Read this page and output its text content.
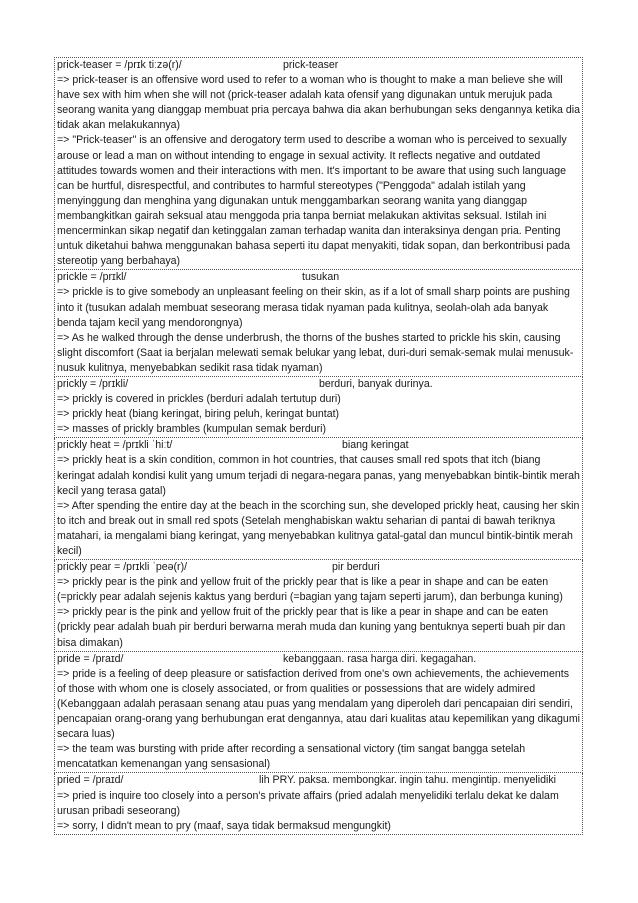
prick-teaser = /prɪk tiːzə(r)/	prick-teaser
=> prick-teaser is an offensive word used to refer to a woman who is thought to make a man believe she will have sex with him when she will not (prick-teaser adalah kata ofensif yang digunakan untuk merujuk pada seorang wanita yang dianggap membuat pria percaya bahwa dia akan berhubungan seks dengannya ketika dia tidak akan melakukannya)
=> "Prick-teaser" is an offensive and derogatory term used to describe a woman who is perceived to sexually arouse or lead a man on without intending to engage in sexual activity. It reflects negative and outdated attitudes towards women and their interactions with men. It's important to be aware that using such language can be hurtful, disrespectful, and contributes to harmful stereotypes ("Penggoda" adalah istilah yang menyinggung dan menghina yang digunakan untuk menggambarkan seorang wanita yang dianggap membangkitkan gairah seksual atau menggoda pria tanpa berniat melakukan aktivitas seksual. Istilah ini mencerminkan sikap negatif dan ketinggalan zaman terhadap wanita dan interaksinya dengan pria. Penting untuk diketahui bahwa menggunakan bahasa seperti itu dapat menyakiti, tidak sopan, dan berkontribusi pada stereotip yang berbahaya)
prickle = /prɪkl/	tusukan
=> prickle is to give somebody an unpleasant feeling on their skin, as if a lot of small sharp points are pushing into it (tusukan adalah membuat seseorang merasa tidak nyaman pada kulitnya, seolah-olah ada banyak benda tajam kecil yang mendorongnya)
=> As he walked through the dense underbrush, the thorns of the bushes started to prickle his skin, causing slight discomfort (Saat ia berjalan melewati semak belukar yang lebat, duri-duri semak-semak mulai menusuk-nusuk kulitnya, menyebabkan sedikit rasa tidak nyaman)
prickly = /prɪkli/	berduri, banyak durinya.
=> prickly is covered in prickles (berduri adalah tertutup duri)
=> prickly heat (biang keringat, biring peluh, keringat buntat)
=> masses of prickly brambles (kumpulan semak berduri)
prickly heat = /prɪkli ˈhiːt/	biang keringat
=> prickly heat is a skin condition, common in hot countries, that causes small red spots that itch (biang keringat adalah kondisi kulit yang umum terjadi di negara-negara panas, yang menyebabkan bintik-bintik merah kecil yang terasa gatal)
=> After spending the entire day at the beach in the scorching sun, she developed prickly heat, causing her skin to itch and break out in small red spots (Setelah menghabiskan waktu seharian di pantai di bawah teriknya matahari, ia mengalami biang keringat, yang menyebabkan kulitnya gatal-gatal dan muncul bintik-bintik merah kecil)
prickly pear = /prɪkli ˈpeə(r)/	pir berduri
=> prickly pear is the pink and yellow fruit of the prickly pear that is like a pear in shape and can be eaten (=prickly pear adalah sejenis kaktus yang berduri (=bagian yang tajam seperti jarum), dan berbunga kuning)
=> prickly pear is the pink and yellow fruit of the prickly pear that is like a pear in shape and can be eaten (prickly pear adalah buah pir berduri berwarna merah muda dan kuning yang bentuknya seperti buah pir dan bisa dimakan)
pride = /praɪd/	kebanggaan. rasa harga diri. kegagahan.
=> pride is a feeling of deep pleasure or satisfaction derived from one's own achievements, the achievements of those with whom one is closely associated, or from qualities or possessions that are widely admired (Kebanggaan adalah perasaan senang atau puas yang mendalam yang diperoleh dari pencapaian diri sendiri, pencapaian orang-orang yang berhubungan erat dengannya, atau dari kualitas atau kepemilikan yang dikagumi secara luas)
=> the team was bursting with pride after recording a sensational victory (tim sangat bangga setelah mencatatkan kemenangan yang sensasional)
pried = /praɪd/	lih PRY. paksa. membongkar. ingin tahu. mengintip. menyelidiki
=> pried is inquire too closely into a person's private affairs (pried adalah menyelidiki terlalu dekat ke dalam urusan pribadi seseorang)
=> sorry, I didn't mean to pry (maaf, saya tidak bermaksud mengungkit)
